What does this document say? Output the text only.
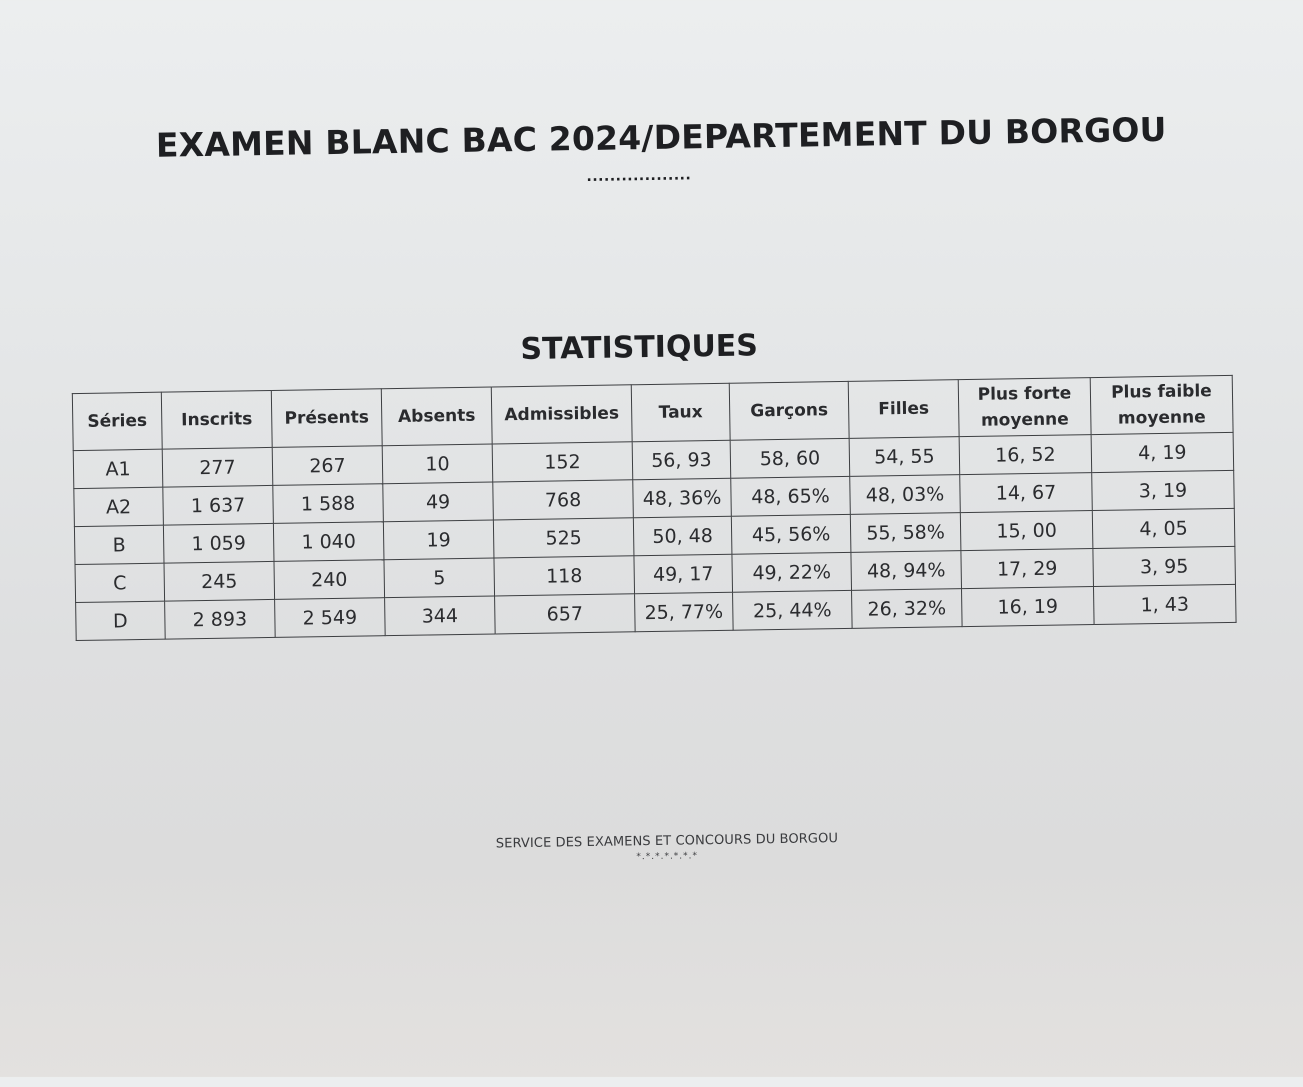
EXAMEN BLANC BAC 2024/DEPARTEMENT DU BORGOU
..................
STATISTIQUES
Séries	Inscrits	Présents	Absents	Admissibles	Taux	Garçons	Filles	Plus forte moyenne	Plus faible moyenne
A1	277	267	10	152	56, 93	58, 60	54, 55	16, 52	4, 19
A2	1 637	1 588	49	768	48, 36%	48, 65%	48, 03%	14, 67	3, 19
B	1 059	1 040	19	525	50, 48	45, 56%	55, 58%	15, 00	4, 05
C	245	240	5	118	49, 17	49, 22%	48, 94%	17, 29	3, 95
D	2 893	2 549	344	657	25, 77%	25, 44%	26, 32%	16, 19	1, 43
SERVICE DES EXAMENS ET CONCOURS DU BORGOU
*.*.*.*.*.*.*
